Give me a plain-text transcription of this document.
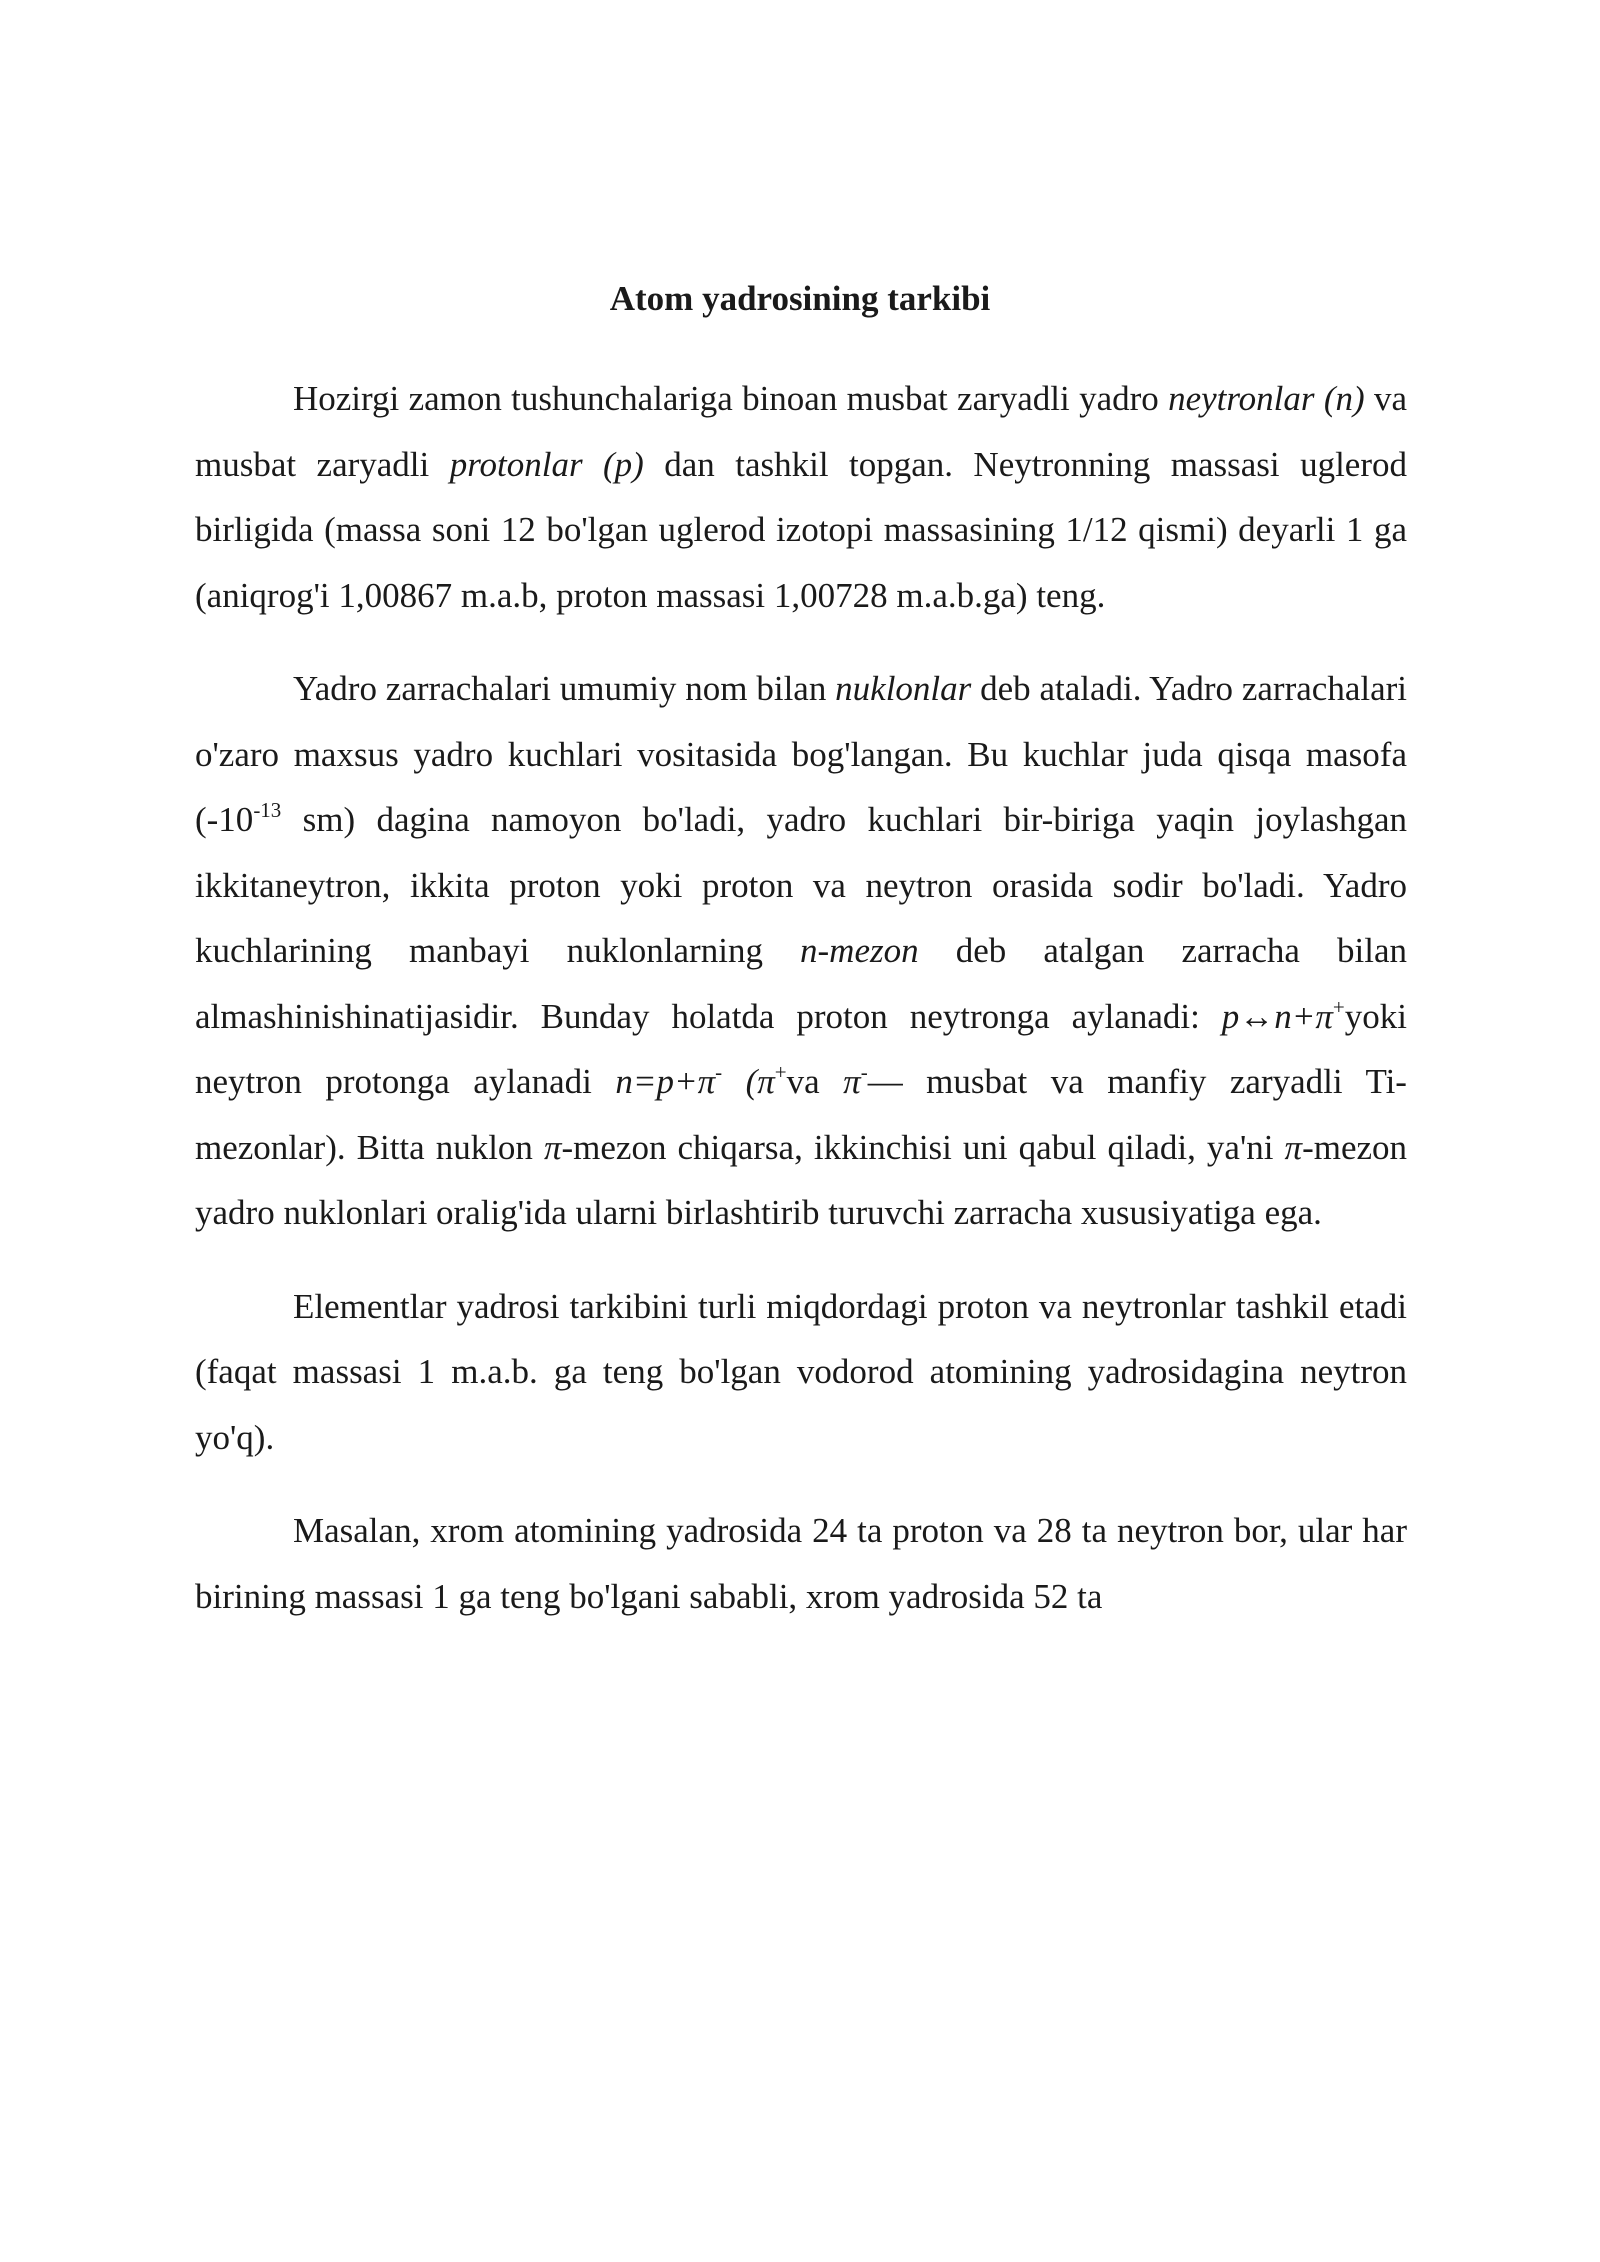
Atom yadrosining tarkibi

Hozirgi zamon tushunchalariga binoan musbat zaryadli yadro neytronlar (n) va musbat zaryadli protonlar (p) dan tashkil topgan. Neytronning massasi uglerod birligida (massa soni 12 bo'lgan uglerod izotopi massasining 1/12 qismi) deyarli 1 ga (aniqrog'i 1,00867 m.a.b, proton massasi 1,00728 m.a.b.ga) teng.

Yadro zarrachalari umumiy nom bilan nuklonlar deb ataladi. Yadro zarrachalari o'zaro maxsus yadro kuchlari vositasida bog'langan. Bu kuchlar juda qisqa masofa ($-10^{-13}$ sm) dagina namoyon bo'ladi, yadro kuchlari bir-biriga yaqin joylashgan ikkitaneytron, ikkita proton yoki proton va neytron orasida sodir bo'ladi. Yadro kuchlarining manbayi nuklonlarning n-mezon deb atalgan zarracha bilan almashinishinatijasidir. Bunday holatda proton neytronga aylanadi: p↔n+π+yoki neytron protonga aylanadi n=p+π- (π+va π-— musbat va manfiy zaryadli Ti-mezonlar). Bitta nuklon π-mezon chiqarsa, ikkinchisi uni qabul qiladi, ya'ni π-mezon yadro nuklonlari oralig'ida ularni birlashtirib turuvchi zarracha xususiyatiga ega.

Elementlar yadrosi tarkibini turli miqdordagi proton va neytronlar tashkil etadi (faqat massasi 1 m.a.b. ga teng bo'lgan vodorod atomining yadrosidagina neytron yo'q).

Masalan, xrom atomining yadrosida 24 ta proton va 28 ta neytron bor, ular har birining massasi 1 ga teng bo'lgani sababli, xrom yadrosida 52 ta
